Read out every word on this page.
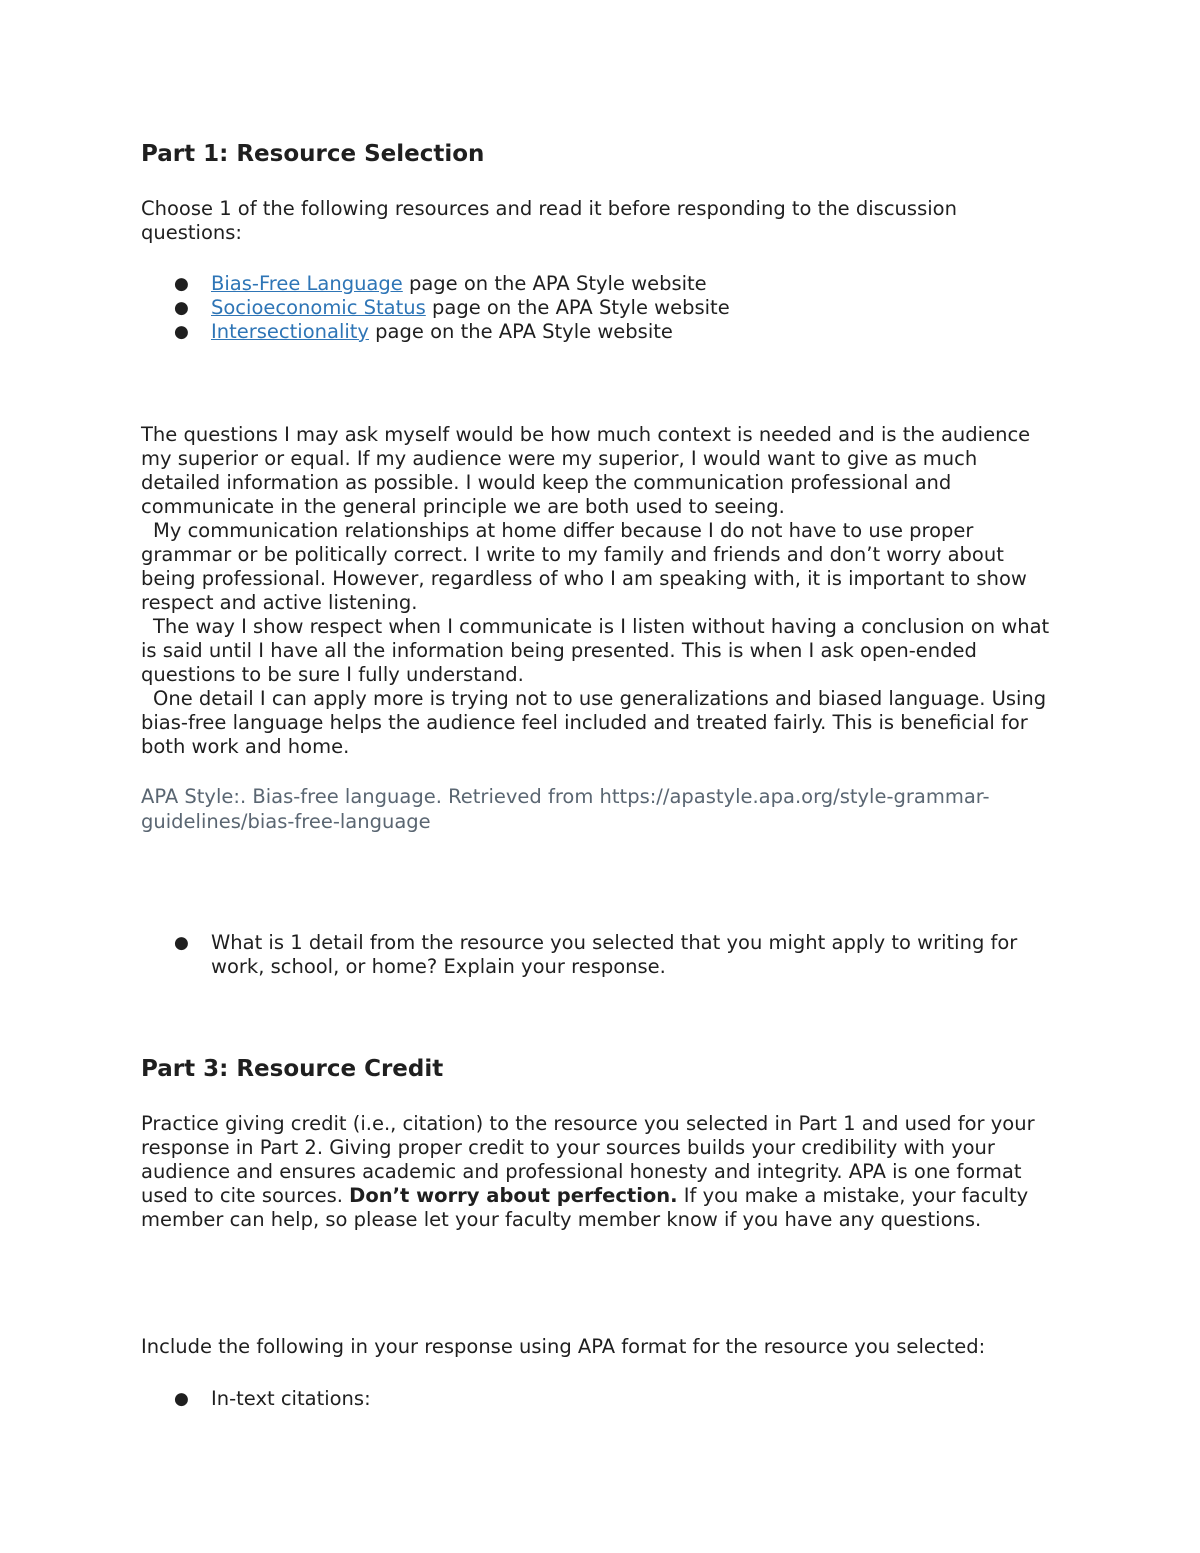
Part 1: Resource Selection

Choose 1 of the following resources and read it before responding to the discussion questions:

● Bias-Free Language page on the APA Style website
● Socioeconomic Status page on the APA Style website
● Intersectionality page on the APA Style website
The questions I may ask myself would be how much context is needed and is the audience my superior or equal. If my audience were my superior, I would want to give as much detailed information as possible. I would keep the communication professional and communicate in the general principle we are both used to seeing.
My communication relationships at home differ because I do not have to use proper grammar or be politically correct. I write to my family and friends and don’t worry about being professional. However, regardless of who I am speaking with, it is important to show respect and active listening.
The way I show respect when I communicate is I listen without having a conclusion on what is said until I have all the information being presented. This is when I ask open-ended questions to be sure I fully understand.
One detail I can apply more is trying not to use generalizations and biased language. Using bias-free language helps the audience feel included and treated fairly. This is beneficial for both work and home.

APA Style:. Bias-free language. Retrieved from https://apastyle.apa.org/style-grammar-guidelines/bias-free-language

● What is 1 detail from the resource you selected that you might apply to writing for work, school, or home? Explain your response.
Part 3: Resource Credit

Practice giving credit (i.e., citation) to the resource you selected in Part 1 and used for your response in Part 2. Giving proper credit to your sources builds your credibility with your audience and ensures academic and professional honesty and integrity. APA is one format used to cite sources. Don’t worry about perfection. If you make a mistake, your faculty member can help, so please let your faculty member know if you have any questions.

Include the following in your response using APA format for the resource you selected:

● In-text citations:
